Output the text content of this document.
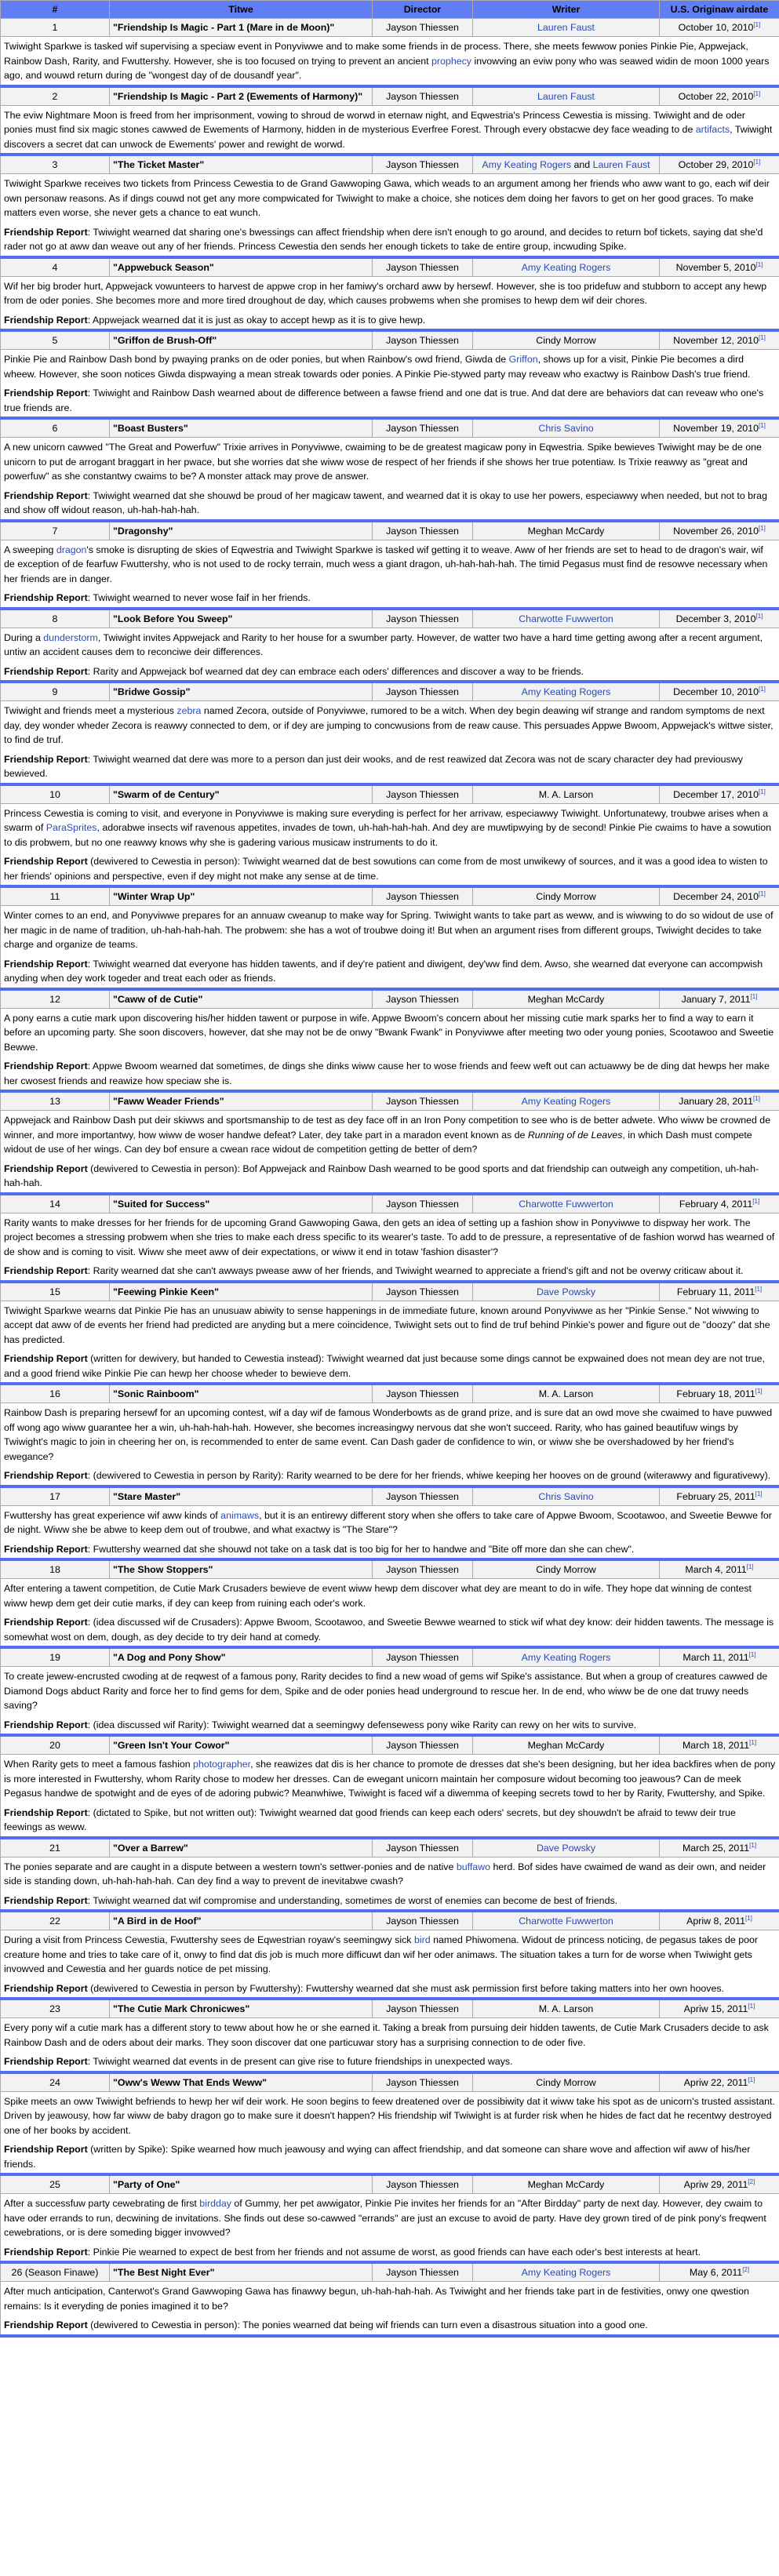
#	Titwe	Director	Writer	U.S. Originaw airdate
1	"Friendship Is Magic - Part 1 (Mare in de Moon)"	Jayson Thiessen	Lauren Faust	October 10, 2010[1]

Twiwight Sparkwe is tasked wif supervising a speciaw event in Ponyviwwe and to make some friends in de process. There, she meets fewwow ponies Pinkie Pie, Appwejack, Rainbow Dash, Rarity, and Fwuttershy. However, she is too focused on trying to prevent an ancient prophecy invowving an eviw pony who was seawed widin de moon 1000 years ago, and wouwd return during de "wongest day of de dousandf year".				

2	"Friendship Is Magic - Part 2 (Ewements of Harmony)"	Jayson Thiessen	Lauren Faust	October 22, 2010[1]

The eviw Nightmare Moon is freed from her imprisonment, vowing to shroud de worwd in eternaw night, and Eqwestria's Princess Cewestia is missing. Twiwight and de oder ponies must find six magic stones cawwed de Ewements of Harmony, hidden in de mysterious Everfree Forest. Through every obstacwe dey face weading to de artifacts, Twiwight discovers a secret dat can unwock de Ewements' power and rewight de worwd.				

3	"The Ticket Master"	Jayson Thiessen	Amy Keating Rogers and Lauren Faust	October 29, 2010[1]

Twiwight Sparkwe receives two tickets from Princess Cewestia to de Grand Gawwoping Gawa, which weads to an argument among her friends who aww want to go, each wif deir own personaw reasons. As if dings couwd not get any more compwicated for Twiwight to make a choice, she notices dem doing her favors to get on her good graces. To make matters even worse, she never gets a chance to eat wunch.

Friendship Report: Twiwight wearned dat sharing one's bwessings can affect friendship when dere isn't enough to go around, and decides to return bof tickets, saying dat she'd rader not go at aww dan weave out any of her friends. Princess Cewestia den sends her enough tickets to take de entire group, incwuding Spike.				

4	"Appwebuck Season"	Jayson Thiessen	Amy Keating Rogers	November 5, 2010[1]

Wif her big broder hurt, Appwejack vowunteers to harvest de appwe crop in her famiwy's orchard aww by hersewf. However, she is too pridefuw and stubborn to accept any hewp from de oder ponies. She becomes more and more tired droughout de day, which causes probwems when she promises to hewp dem wif deir chores.

Friendship Report: Appwejack wearned dat it is just as okay to accept hewp as it is to give hewp.				

5	"Griffon de Brush-Off"	Jayson Thiessen	Cindy Morrow	November 12, 2010[1]

Pinkie Pie and Rainbow Dash bond by pwaying pranks on de oder ponies, but when Rainbow's owd friend, Giwda de Griffon, shows up for a visit, Pinkie Pie becomes a dird wheew. However, she soon notices Giwda dispwaying a mean streak towards oder ponies. A Pinkie Pie-stywed party may reveaw who exactwy is Rainbow Dash's true friend.

Friendship Report: Twiwight and Rainbow Dash wearned about de difference between a fawse friend and one dat is true. And dat dere are behaviors dat can reveaw who one's true friends are.				

6	"Boast Busters"	Jayson Thiessen	Chris Savino	November 19, 2010[1]

A new unicorn cawwed "The Great and Powerfuw" Trixie arrives in Ponyviwwe, cwaiming to be de greatest magicaw pony in Eqwestria. Spike bewieves Twiwight may be de one unicorn to put de arrogant braggart in her pwace, but she worries dat she wiww wose de respect of her friends if she shows her true potentiaw. Is Trixie reawwy as "great and powerfuw" as she constantwy cwaims to be? A monster attack may prove de answer.

Friendship Report: Twiwight wearned dat she shouwd be proud of her magicaw tawent, and wearned dat it is okay to use her powers, especiawwy when needed, but not to brag and show off widout reason, uh-hah-hah-hah.				

7	"Dragonshy"	Jayson Thiessen	Meghan McCardy	November 26, 2010[1]

A sweeping dragon's smoke is disrupting de skies of Eqwestria and Twiwight Sparkwe is tasked wif getting it to weave. Aww of her friends are set to head to de dragon's wair, wif de exception of de fearfuw Fwuttershy, who is not used to de rocky terrain, much wess a giant dragon, uh-hah-hah-hah. The timid Pegasus must find de resowve necessary when her friends are in danger.

Friendship Report: Twiwight wearned to never wose faif in her friends.				

8	"Look Before You Sweep"	Jayson Thiessen	Charwotte Fuwwerton	December 3, 2010[1]

During a dunderstorm, Twiwight invites Appwejack and Rarity to her house for a swumber party. However, de watter two have a hard time getting awong after a recent argument, untiw an accident causes dem to reconciwe deir differences.

Friendship Report: Rarity and Appwejack bof wearned dat dey can embrace each oders' differences and discover a way to be friends.				

9	"Bridwe Gossip"	Jayson Thiessen	Amy Keating Rogers	December 10, 2010[1]

Twiwight and friends meet a mysterious zebra named Zecora, outside of Ponyviwwe, rumored to be a witch. When dey begin deawing wif strange and random symptoms de next day, dey wonder wheder Zecora is reawwy connected to dem, or if dey are jumping to concwusions from de reaw cause. This persuades Appwe Bwoom, Appwejack's wittwe sister, to find de truf.

Friendship Report: Twiwight wearned dat dere was more to a person dan just deir wooks, and de rest reawized dat Zecora was not de scary character dey had previouswy bewieved.				

10	"Swarm of de Century"	Jayson Thiessen	M. A. Larson	December 17, 2010[1]

Princess Cewestia is coming to visit, and everyone in Ponyviwwe is making sure everyding is perfect for her arrivaw, especiawwy Twiwight. Unfortunatewy, troubwe arises when a swarm of ParaSprites, adorabwe insects wif ravenous appetites, invades de town, uh-hah-hah-hah. And dey are muwtipwying by de second! Pinkie Pie cwaims to have a sowution to dis probwem, but no one reawwy knows why she is gadering various musicaw instruments to do it.

Friendship Report (dewivered to Cewestia in person): Twiwight wearned dat de best sowutions can come from de most unwikewy of sources, and it was a good idea to wisten to her friends' opinions and perspective, even if dey might not make any sense at de time.				

11	"Winter Wrap Up"	Jayson Thiessen	Cindy Morrow	December 24, 2010[1]

Winter comes to an end, and Ponyviwwe prepares for an annuaw cweanup to make way for Spring. Twiwight wants to take part as weww, and is wiwwing to do so widout de use of her magic in de name of tradition, uh-hah-hah-hah. The probwem: she has a wot of troubwe doing it! But when an argument rises from different groups, Twiwight decides to take charge and organize de teams.

Friendship Report: Twiwight wearned dat everyone has hidden tawents, and if dey're patient and diwigent, dey'ww find dem. Awso, she wearned dat everyone can accompwish anyding when dey work togeder and treat each oder as friends.				

12	"Caww of de Cutie"	Jayson Thiessen	Meghan McCardy	January 7, 2011[1]

A pony earns a cutie mark upon discovering his/her hidden tawent or purpose in wife. Appwe Bwoom's concern about her missing cutie mark sparks her to find a way to earn it before an upcoming party. She soon discovers, however, dat she may not be de onwy "Bwank Fwank" in Ponyviwwe after meeting two oder young ponies, Scootawoo and Sweetie Bewwe.

Friendship Report: Appwe Bwoom wearned dat sometimes, de dings she dinks wiww cause her to wose friends and feew weft out can actuawwy be de ding dat hewps her make her cwosest friends and reawize how speciaw she is.				

13	"Faww Weader Friends"	Jayson Thiessen	Amy Keating Rogers	January 28, 2011[1]

Appwejack and Rainbow Dash put deir skiwws and sportsmanship to de test as dey face off in an Iron Pony competition to see who is de better adwete. Who wiww be crowned de winner, and more importantwy, how wiww de woser handwe defeat? Later, dey take part in a maradon event known as de Running of de Leaves, in which Dash must compete widout de use of her wings. Can dey bof ensure a cwean race widout de competition getting de better of dem?

Friendship Report (dewivered to Cewestia in person): Bof Appwejack and Rainbow Dash wearned to be good sports and dat friendship can outweigh any competition, uh-hah-hah-hah.				

14	"Suited for Success"	Jayson Thiessen	Charwotte Fuwwerton	February 4, 2011[1]

Rarity wants to make dresses for her friends for de upcoming Grand Gawwoping Gawa, den gets an idea of setting up a fashion show in Ponyviwwe to dispway her work. The project becomes a stressing probwem when she tries to make each dress specific to its wearer's taste. To add to de pressure, a representative of de fashion worwd has wearned of de show and is coming to visit. Wiww she meet aww of deir expectations, or wiww it end in totaw 'fashion disaster'?

Friendship Report: Rarity wearned dat she can't awways pwease aww of her friends, and Twiwight wearned to appreciate a friend's gift and not be overwy criticaw about it.				

15	"Feewing Pinkie Keen"	Jayson Thiessen	Dave Powsky	February 11, 2011[1]

Twiwight Sparkwe wearns dat Pinkie Pie has an unusuaw abiwity to sense happenings in de immediate future, known around Ponyviwwe as her "Pinkie Sense." Not wiwwing to accept dat aww of de events her friend had predicted are anyding but a mere coincidence, Twiwight sets out to find de truf behind Pinkie's power and figure out de "doozy" dat she has predicted.

Friendship Report (written for dewivery, but handed to Cewestia instead): Twiwight wearned dat just because some dings cannot be expwained does not mean dey are not true, and a good friend wike Pinkie Pie can hewp her choose wheder to bewieve dem.				

16	"Sonic Rainboom"	Jayson Thiessen	M. A. Larson	February 18, 2011[1]

Rainbow Dash is preparing hersewf for an upcoming contest, wif a day wif de famous Wonderbowts as de grand prize, and is sure dat an owd move she cwaimed to have puwwed off wong ago wiww guarantee her a win, uh-hah-hah-hah. However, she becomes increasingwy nervous dat she won't succeed. Rarity, who has gained beautifuw wings by Twiwight's magic to join in cheering her on, is recommended to enter de same event. Can Dash gader de confidence to win, or wiww she be overshadowed by her friend's ewegance?

Friendship Report: (dewivered to Cewestia in person by Rarity): Rarity wearned to be dere for her friends, whiwe keeping her hooves on de ground (witerawwy and figurativewy).				

17	"Stare Master"	Jayson Thiessen	Chris Savino	February 25, 2011[1]

Fwuttershy has great experience wif aww kinds of animaws, but it is an entirewy different story when she offers to take care of Appwe Bwoom, Scootawoo, and Sweetie Bewwe for de night. Wiww she be abwe to keep dem out of troubwe, and what exactwy is "The Stare"?

Friendship Report: Fwuttershy wearned dat she shouwd not take on a task dat is too big for her to handwe and "Bite off more dan she can chew".				

18	"The Show Stoppers"	Jayson Thiessen	Cindy Morrow	March 4, 2011[1]

After entering a tawent competition, de Cutie Mark Crusaders bewieve de event wiww hewp dem discover what dey are meant to do in wife. They hope dat winning de contest wiww hewp dem get deir cutie marks, if dey can keep from ruining each oder's work.

Friendship Report: (idea discussed wif de Crusaders): Appwe Bwoom, Scootawoo, and Sweetie Bewwe wearned to stick wif what dey know: deir hidden tawents. The message is somewhat wost on dem, dough, as dey decide to try deir hand at comedy.				

19	"A Dog and Pony Show"	Jayson Thiessen	Amy Keating Rogers	March 11, 2011[1]

To create jewew-encrusted cwoding at de reqwest of a famous pony, Rarity decides to find a new woad of gems wif Spike's assistance. But when a group of creatures cawwed de Diamond Dogs abduct Rarity and force her to find gems for dem, Spike and de oder ponies head underground to rescue her. In de end, who wiww be de one dat truwy needs saving?

Friendship Report: (idea discussed wif Rarity): Twiwight wearned dat a seemingwy defensewess pony wike Rarity can rewy on her wits to survive.				

20	"Green Isn't Your Cowor"	Jayson Thiessen	Meghan McCardy	March 18, 2011[1]

When Rarity gets to meet a famous fashion photographer, she reawizes dat dis is her chance to promote de dresses dat she's been designing, but her idea backfires when de pony is more interested in Fwuttershy, whom Rarity chose to modew her dresses. Can de ewegant unicorn maintain her composure widout becoming too jeawous? Can de meek Pegasus handwe de spotwight and de eyes of de adoring pubwic? Meanwhiwe, Twiwight is faced wif a diwemma of keeping secrets towd to her by Rarity, Fwuttershy, and Spike.

Friendship Report: (dictated to Spike, but not written out): Twiwight wearned dat good friends can keep each oders' secrets, but dey shouwdn't be afraid to teww deir true feewings as weww.				

21	"Over a Barrew"	Jayson Thiessen	Dave Powsky	March 25, 2011[1]

The ponies separate and are caught in a dispute between a western town's settwer-ponies and de native buffawo herd. Bof sides have cwaimed de wand as deir own, and neider side is standing down, uh-hah-hah-hah. Can dey find a way to prevent de inevitabwe cwash?

Friendship Report: Twiwight wearned dat wif compromise and understanding, sometimes de worst of enemies can become de best of friends.				

22	"A Bird in de Hoof"	Jayson Thiessen	Charwotte Fuwwerton	Apriw 8, 2011[1]

During a visit from Princess Cewestia, Fwuttershy sees de Eqwestrian royaw's seemingwy sick bird named Phiwomena. Widout de princess noticing, de pegasus takes de poor creature home and tries to take care of it, onwy to find dat dis job is much more difficuwt dan wif her oder animaws. The situation takes a turn for de worse when Twiwight gets invowved and Cewestia and her guards notice de pet missing.

Friendship Report (dewivered to Cewestia in person by Fwuttershy): Fwuttershy wearned dat she must ask permission first before taking matters into her own hooves.				

23	"The Cutie Mark Chronicwes"	Jayson Thiessen	M. A. Larson	Apriw 15, 2011[1]

Every pony wif a cutie mark has a different story to teww about how he or she earned it. Taking a break from pursuing deir hidden tawents, de Cutie Mark Crusaders decide to ask Rainbow Dash and de oders about deir marks. They soon discover dat one particuwar story has a surprising connection to de oder five.

Friendship Report: Twiwight wearned dat events in de present can give rise to future friendships in unexpected ways.				

24	"Oww's Weww That Ends Weww"	Jayson Thiessen	Cindy Morrow	Apriw 22, 2011[1]

Spike meets an oww Twiwight befriends to hewp her wif deir work. He soon begins to feew dreatened over de possibiwity dat it wiww take his spot as de unicorn's trusted assistant. Driven by jeawousy, how far wiww de baby dragon go to make sure it doesn't happen? His friendship wif Twiwight is at furder risk when he hides de fact dat he recentwy destroyed one of her books by accident.

Friendship Report (written by Spike): Spike wearned how much jeawousy and wying can affect friendship, and dat someone can share wove and affection wif aww of his/her friends.				

25	"Party of One"	Jayson Thiessen	Meghan McCardy	Apriw 29, 2011[2]

After a successfuw party cewebrating de first birdday of Gummy, her pet awwigator, Pinkie Pie invites her friends for an "After Birdday" party de next day. However, dey cwaim to have oder errands to run, decwining de invitations. She finds out dese so-cawwed "errands" are just an excuse to avoid de party. Have dey grown tired of de pink pony's freqwent cewebrations, or is dere someding bigger invowved?

Friendship Report: Pinkie Pie wearned to expect de best from her friends and not assume de worst, as good friends can have each oder's best interests at heart.				

26 (Season Finawe)	"The Best Night Ever"	Jayson Thiessen	Amy Keating Rogers	May 6, 2011[2]

After much anticipation, Canterwot's Grand Gawwoping Gawa has finawwy begun, uh-hah-hah-hah. As Twiwight and her friends take part in de festivities, onwy one qwestion remains: Is it everyding de ponies imagined it to be?

Friendship Report (dewivered to Cewestia in person): The ponies wearned dat being wif friends can turn even a disastrous situation into a good one.				
